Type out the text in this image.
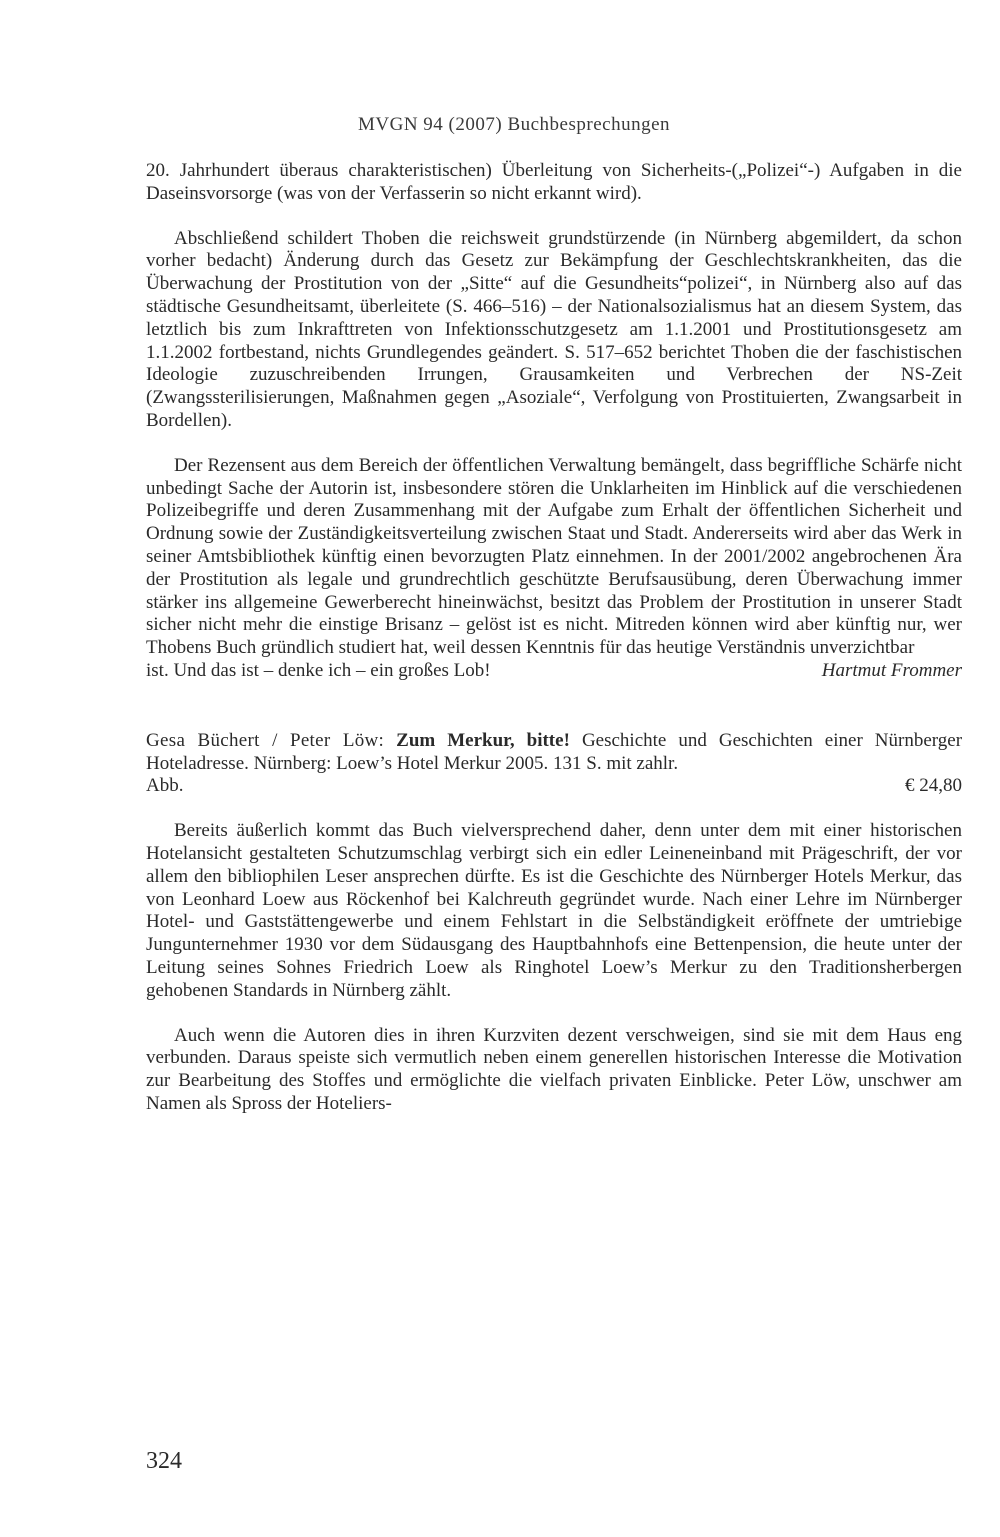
MVGN 94 (2007) Buchbesprechungen

20. Jahrhundert überaus charakteristischen) Überleitung von Sicherheits-(„Polizei“-) Aufgaben in die Daseinsvorsorge (was von der Verfasserin so nicht erkannt wird).

Abschließend schildert Thoben die reichsweit grundstürzende (in Nürnberg abgemildert, da schon vorher bedacht) Änderung durch das Gesetz zur Bekämpfung der Geschlechtskrankheiten, das die Überwachung der Prostitution von der „Sitte“ auf die Gesundheits“polizei“, in Nürnberg also auf das städtische Gesundheitsamt, überleitete (S. 466–516) – der Nationalsozialismus hat an diesem System, das letztlich bis zum Inkrafttreten von Infektionsschutzgesetz am 1.1.2001 und Prostitutionsgesetz am 1.1.2002 fortbestand, nichts Grundlegendes geändert. S. 517–652 berichtet Thoben die der faschistischen Ideologie zuzuschreibenden Irrungen, Grausamkeiten und Verbrechen der NS-Zeit (Zwangssterilisierungen, Maßnahmen gegen „Asoziale“, Verfolgung von Prostituierten, Zwangsarbeit in Bordellen).

Der Rezensent aus dem Bereich der öffentlichen Verwaltung bemängelt, dass begriffliche Schärfe nicht unbedingt Sache der Autorin ist, insbesondere stören die Unklarheiten im Hinblick auf die verschiedenen Polizeibegriffe und deren Zusammenhang mit der Aufgabe zum Erhalt der öffentlichen Sicherheit und Ordnung sowie der Zuständigkeitsverteilung zwischen Staat und Stadt. Andererseits wird aber das Werk in seiner Amtsbibliothek künftig einen bevorzugten Platz einnehmen. In der 2001/2002 angebrochenen Ära der Prostitution als legale und grundrechtlich geschützte Berufsausübung, deren Überwachung immer stärker ins allgemeine Gewerberecht hineinwächst, besitzt das Problem der Prostitution in unserer Stadt sicher nicht mehr die einstige Brisanz – gelöst ist es nicht. Mitreden können wird aber künftig nur, wer Thobens Buch gründlich studiert hat, weil dessen Kenntnis für das heutige Verständnis unverzichtbar

ist. Und das ist – denke ich – ein großes Lob!	Hartmut Frommer

Gesa Büchert / Peter Löw: Zum Merkur, bitte! Geschichte und Geschichten einer Nürnberger Hoteladresse. Nürnberg: Loew’s Hotel Merkur 2005. 131 S. mit zahlr.

Abb.	€ 24,80

Bereits äußerlich kommt das Buch vielversprechend daher, denn unter dem mit einer historischen Hotelansicht gestalteten Schutzumschlag verbirgt sich ein edler Leineneinband mit Prägeschrift, der vor allem den bibliophilen Leser ansprechen dürfte. Es ist die Geschichte des Nürnberger Hotels Merkur, das von Leonhard Loew aus Röckenhof bei Kalchreuth gegründet wurde. Nach einer Lehre im Nürnberger Hotel- und Gaststättengewerbe und einem Fehlstart in die Selbständigkeit eröffnete der umtriebige Jungunternehmer 1930 vor dem Südausgang des Hauptbahnhofs eine Bettenpension, die heute unter der Leitung seines Sohnes Friedrich Loew als Ringhotel Loew’s Merkur zu den Traditionsherbergen gehobenen Standards in Nürnberg zählt.

Auch wenn die Autoren dies in ihren Kurzviten dezent verschweigen, sind sie mit dem Haus eng verbunden. Daraus speiste sich vermutlich neben einem generellen historischen Interesse die Motivation zur Bearbeitung des Stoffes und ermöglichte die vielfach privaten Einblicke. Peter Löw, unschwer am Namen als Spross der Hoteliers-

324
